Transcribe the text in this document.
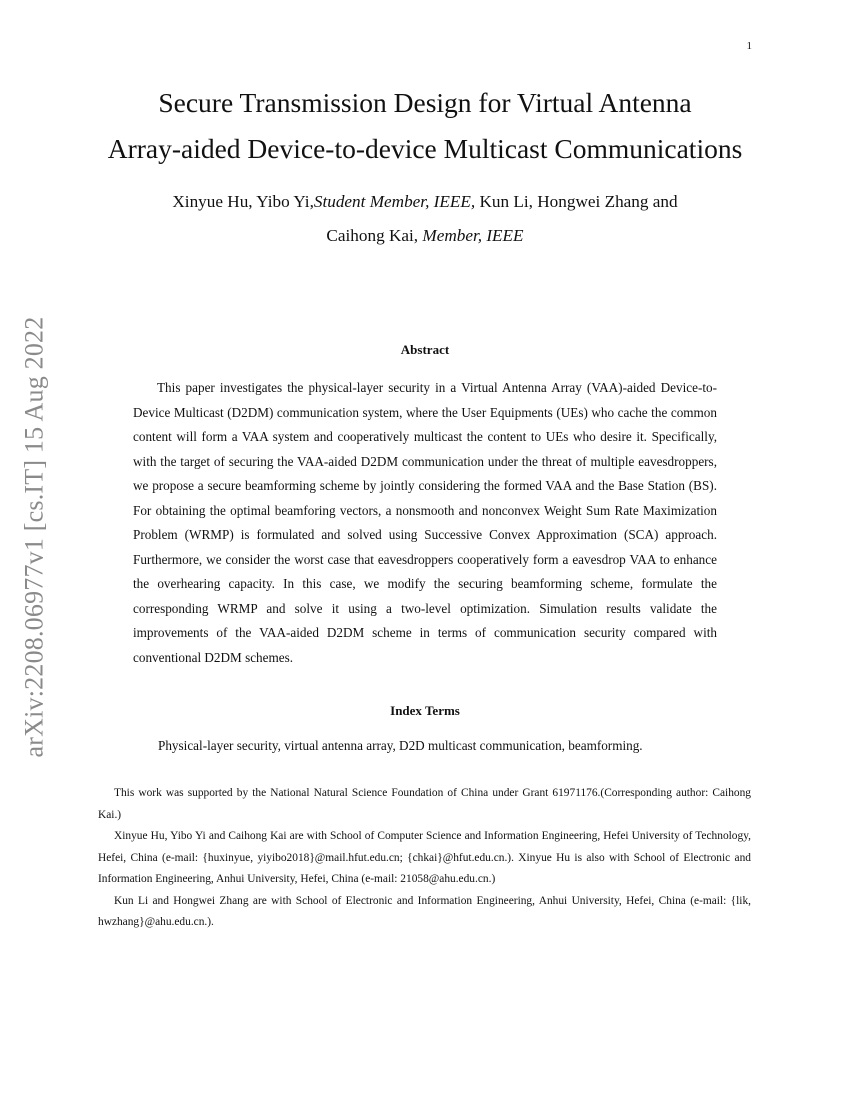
1
arXiv:2208.06977v1 [cs.IT] 15 Aug 2022
Secure Transmission Design for Virtual Antenna
Array-aided Device-to-device Multicast Communications
Xinyue Hu, Yibo Yi,Student Member, IEEE, Kun Li, Hongwei Zhang and
Caihong Kai, Member, IEEE
Abstract

This paper investigates the physical-layer security in a Virtual Antenna Array (VAA)-aided Device-to-Device Multicast (D2DM) communication system, where the User Equipments (UEs) who cache the common content will form a VAA system and cooperatively multicast the content to UEs who desire it. Specifically, with the target of securing the VAA-aided D2DM communication under the threat of multiple eavesdroppers, we propose a secure beamforming scheme by jointly considering the formed VAA and the Base Station (BS). For obtaining the optimal beamforing vectors, a nonsmooth and nonconvex Weight Sum Rate Maximization Problem (WRMP) is formulated and solved using Successive Convex Approximation (SCA) approach. Furthermore, we consider the worst case that eavesdroppers cooperatively form a eavesdrop VAA to enhance the overhearing capacity. In this case, we modify the securing beamforming scheme, formulate the corresponding WRMP and solve it using a two-level optimization. Simulation results validate the improvements of the VAA-aided D2DM scheme in terms of communication security compared with conventional D2DM schemes.

Index Terms

Physical-layer security, virtual antenna array, D2D multicast communication, beamforming.

This work was supported by the National Natural Science Foundation of China under Grant 61971176.(Corresponding author: Caihong Kai.)

Xinyue Hu, Yibo Yi and Caihong Kai are with School of Computer Science and Information Engineering, Hefei University of Technology, Hefei, China (e-mail: {huxinyue, yiyibo2018}@mail.hfut.edu.cn; {chkai}@hfut.edu.cn.). Xinyue Hu is also with School of Electronic and Information Engineering, Anhui University, Hefei, China (e-mail: 21058@ahu.edu.cn.)

Kun Li and Hongwei Zhang are with School of Electronic and Information Engineering, Anhui University, Hefei, China (e-mail: {lik, hwzhang}@ahu.edu.cn.).
